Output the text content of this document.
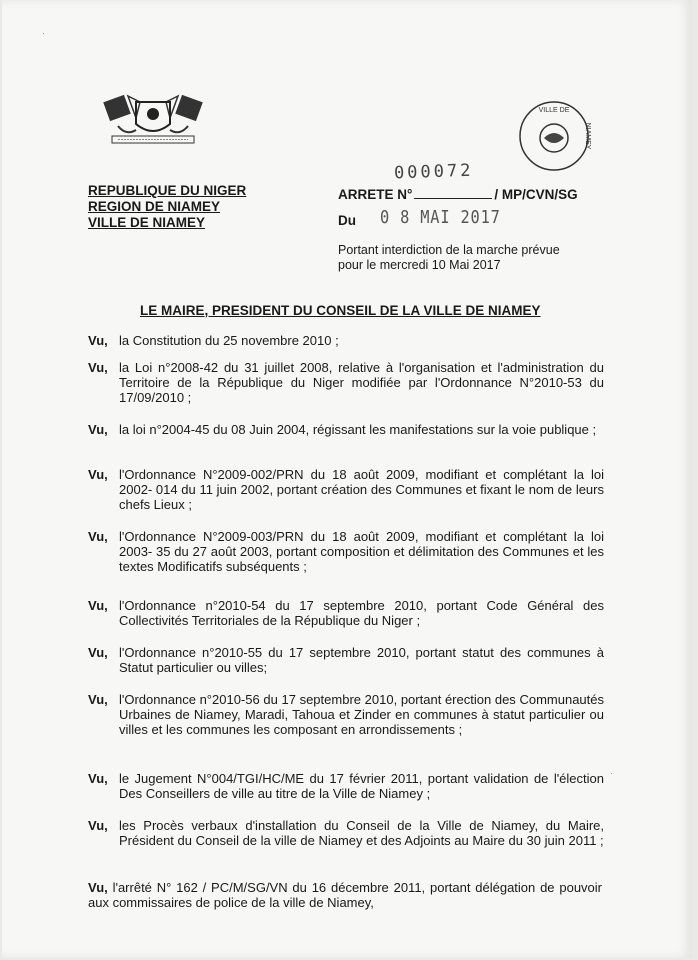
VILLE DE
NIAMEY
REPUBLIQUE DU NIGER
REGION DE NIAMEY
VILLE DE NIAMEY
000072
ARRETE N°	/ MP/CVN/SG
Du 0 8 MAI 2017
Portant interdiction de la marche prévue
pour le mercredi 10 Mai 2017
LE MAIRE, PRESIDENT DU CONSEIL DE LA VILLE DE NIAMEY
Vu, la Constitution du 25 novembre 2010 ;
Vu, la Loi n°2008-42 du 31 juillet 2008, relative à l'organisation et l'administration du Territoire de la République du Niger modifiée par l'Ordonnance N°2010-53 du 17/09/2010 ;
Vu, la loi n°2004-45 du 08 Juin 2004, régissant les manifestations sur la voie publique ;
Vu, l'Ordonnance N°2009-002/PRN du 18 août 2009, modifiant et complétant la loi 2002- 014 du 11 juin 2002, portant création des Communes et fixant le nom de leurs chefs Lieux ;
Vu, l'Ordonnance N°2009-003/PRN du 18 août 2009, modifiant et complétant la loi 2003- 35 du 27 août 2003, portant composition et délimitation des Communes et les textes Modificatifs subséquents ;
Vu, l'Ordonnance n°2010-54 du 17 septembre 2010, portant Code Général des Collectivités Territoriales de la République du Niger ;
Vu, l'Ordonnance n°2010-55 du 17 septembre 2010, portant statut des communes à Statut particulier ou villes;
Vu, l'Ordonnance n°2010-56 du 17 septembre 2010, portant érection des Communautés Urbaines de Niamey, Maradi, Tahoua et Zinder en communes à statut particulier ou villes et les communes les composant en arrondissements ;
Vu, le Jugement N°004/TGI/HC/ME du 17 février 2011, portant validation de l'élection Des Conseillers de ville au titre de la Ville de Niamey ;
Vu, les Procès verbaux d'installation du Conseil de la Ville de Niamey, du Maire, Président du Conseil de la ville de Niamey et des Adjoints au Maire du 30 juin 2011 ;
Vu, l'arrêté N° 162 / PC/M/SG/VN du 16 décembre 2011, portant délégation de pouvoir aux commissaires de police de la ville de Niamey,
·
·
